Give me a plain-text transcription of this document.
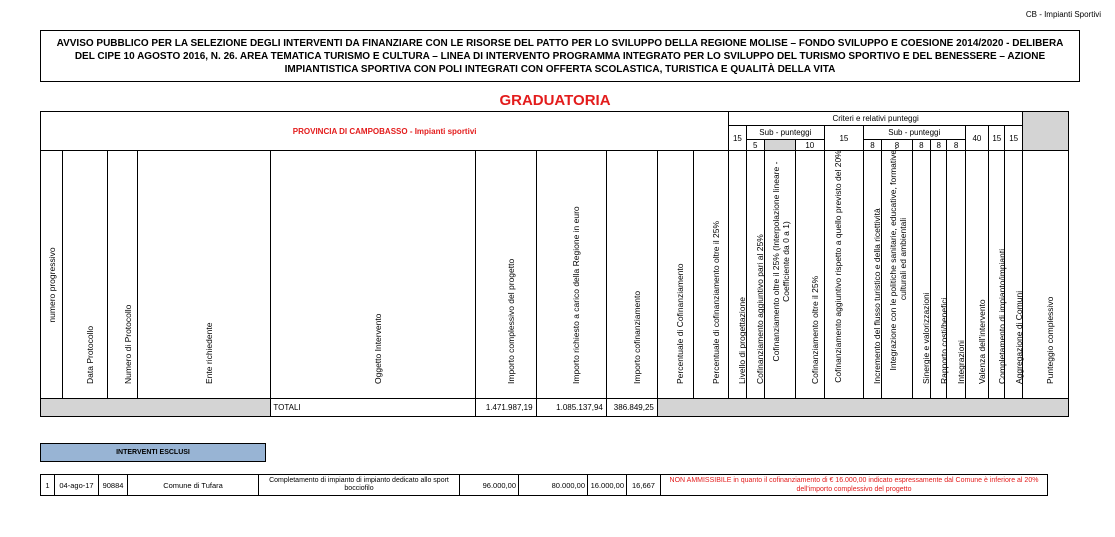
CB - Impianti Sportivi
AVVISO PUBBLICO PER LA SELEZIONE DEGLI INTERVENTI DA FINANZIARE CON LE RISORSE DEL PATTO PER LO SVILUPPO DELLA REGIONE MOLISE – FONDO SVILUPPO E COESIONE 2014/2020 - DELIBERA DEL CIPE 10 AGOSTO 2016, N. 26. AREA TEMATICA TURISMO E CULTURA – LINEA DI INTERVENTO PROGRAMMA INTEGRATO PER LO SVILUPPO DEL TURISMO SPORTIVO E DEL BENESSERE – AZIONE IMPIANTISTICA SPORTIVA CON POLI INTEGRATI CON OFFERTA SCOLASTICA, TURISTICA E QUALITÀ DELLA VITA
GRADUATORIA
PROVINCIA DI CAMPOBASSO - Impianti sportivi										Criteri e relativi punteggi													
										15	Sub - punteggi			15	Sub - punteggi					40	15	15	
											5		10		8	8	8	8	8				

numero progressivo	Data Protocollo	Numero di Protocollo	Ente richiedente	Oggetto Intervento	Importo complessivo del progetto	Importo richiesto a carico della Regione in euro	Importo cofinanziamento	Percentuale di Cofinanziamento	Percentuale di cofinanziamento oltre il 25%	Livello di progettazione	Cofinanziamento aggiuntivo pari al 25%	Cofinanziamento oltre il 25% (Interpolazione lineare - Coefficiente da 0 a 1)	Cofinanziamento oltre il 25%	Cofinanziamento aggiuntivo rispetto a quello previsto del 20%	Incremento del flusso turistico e della ricettività	Integrazione con le politiche sanitarie, educative, formative, culturali ed ambientali	Sinergie e valorizzazioni	Rapporto costi/benefici	Integrazioni	Valenza dell'intervento	Completamento di impianto/impianti	Aggregazione di Comuni	Punteggio complessivo

				TOTALI	1.471.987,19	1.085.137,94	386.849,25																
INTERVENTI ESCLUSI
1	04-ago-17	90884	Comune di Tufara	Completamento di impianto di impianto dedicato allo sport bocciofilo	96.000,00	80.000,00	16.000,00	16,667	NON AMMISSIBILE in quanto il cofinanziamento di € 16.000,00 indicato espressamente dal Comune è inferiore al 20% dell'importo complessivo del progetto
